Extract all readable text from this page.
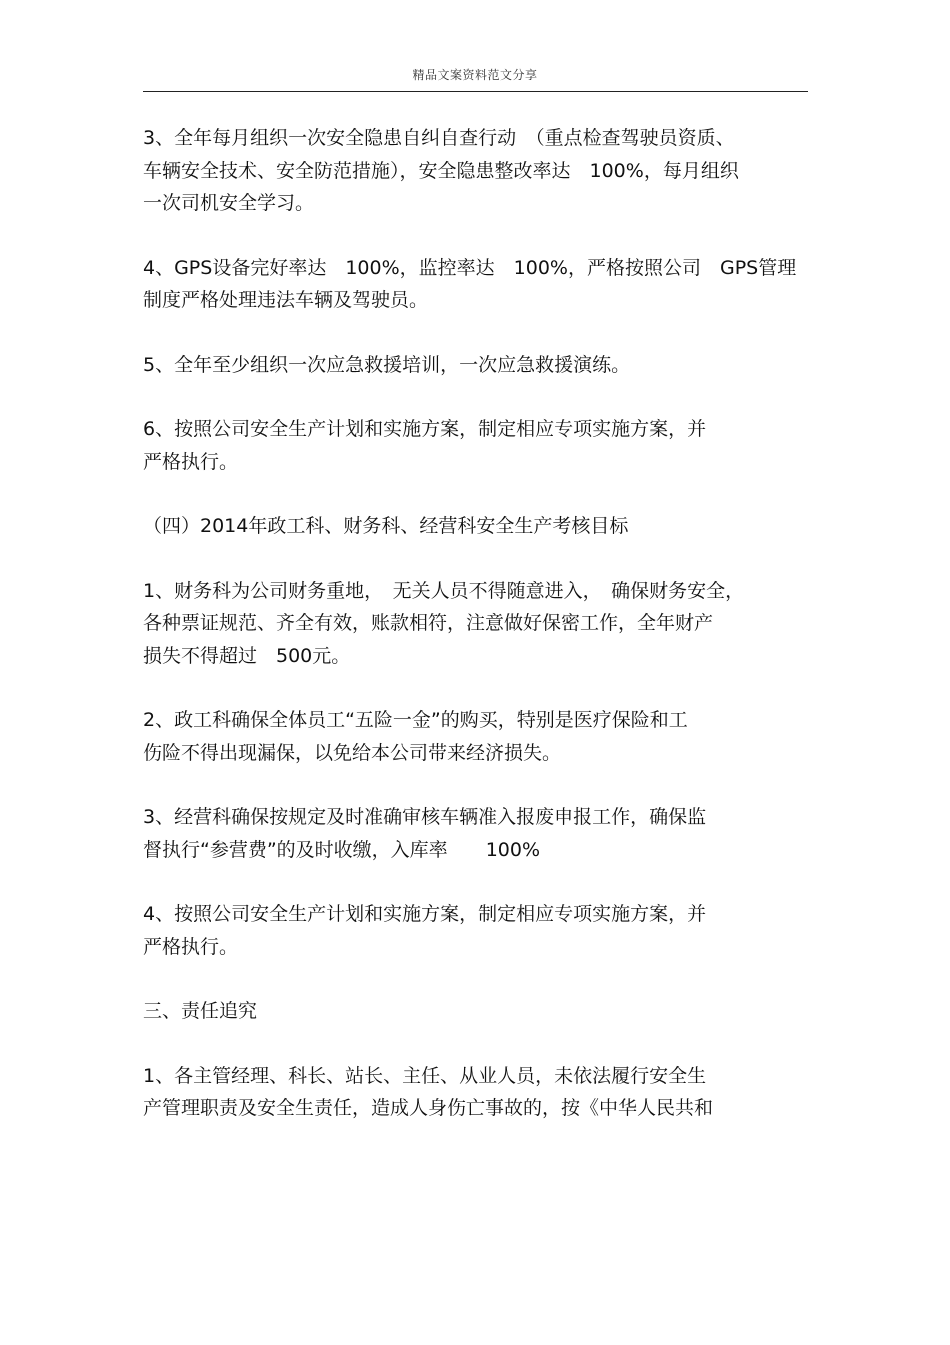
精品文案资料范文分享

3、全年每月组织一次安全隐患自纠自查行动　（重点检查驾驶员资质、
车辆安全技术、安全防范措施），安全隐患整改率达　100%，每月组织
一次司机安全学习。

4、GPS设备完好率达　100%，监控率达　100%，严格按照公司　GPS管理
制度严格处理违法车辆及驾驶员。

5、全年至少组织一次应急救援培训，一次应急救援演练。

6、按照公司安全生产计划和实施方案，制定相应专项实施方案，并
严格执行。

（四）2014年政工科、财务科、经营科安全生产考核目标

1、财务科为公司财务重地，　无关人员不得随意进入，　确保财务安全，
各种票证规范、齐全有效，账款相符，注意做好保密工作，全年财产
损失不得超过　500元。

2、政工科确保全体员工“五险一金”的购买，特别是医疗保险和工
伤险不得出现漏保，以免给本公司带来经济损失。

3、经营科确保按规定及时准确审核车辆准入报废申报工作，确保监
督执行“参营费”的及时收缴，入库率　　100%

4、按照公司安全生产计划和实施方案，制定相应专项实施方案，并
严格执行。

三、责任追究

1、各主管经理、科长、站长、主任、从业人员，未依法履行安全生
产管理职责及安全生责任，造成人身伤亡事故的，按《中华人民共和
